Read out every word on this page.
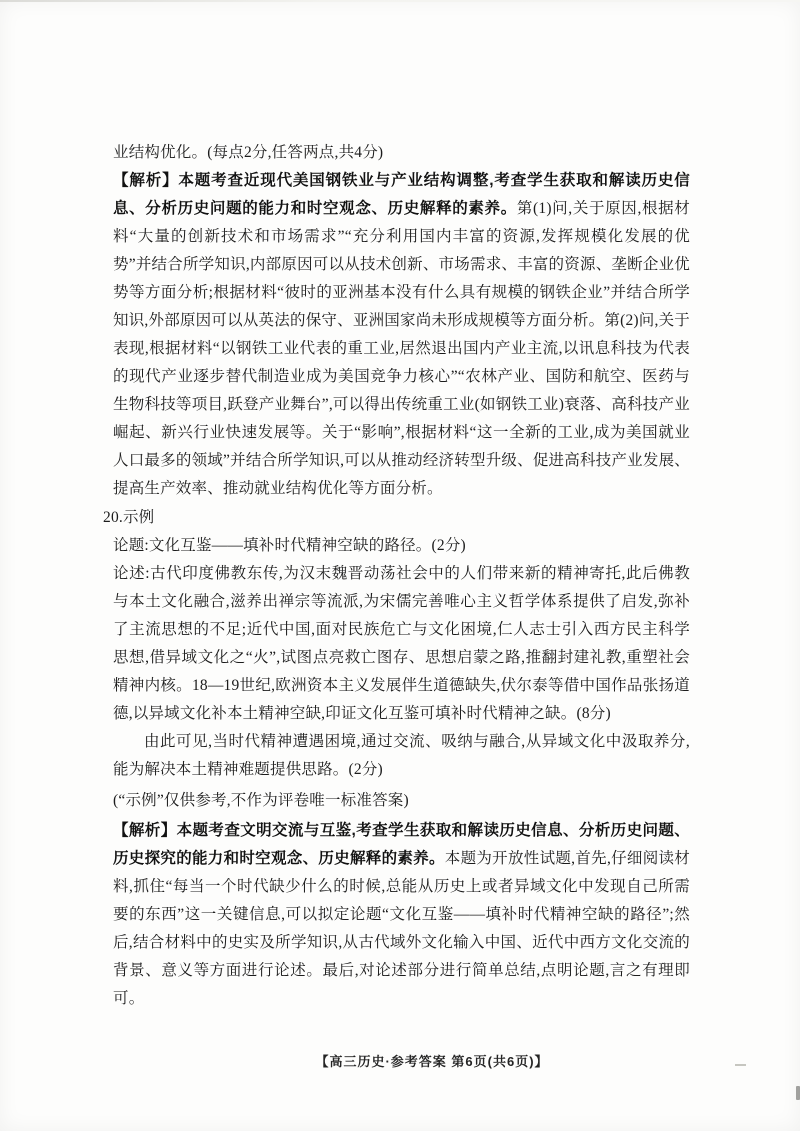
业结构优化。(每点2分,任答两点,共4分)

【解析】本题考查近现代美国钢铁业与产业结构调整,考查学生获取和解读历史信息、分析历史问题的能力和时空观念、历史解释的素养。第(1)问,关于原因,根据材料“大量的创新技术和市场需求”“充分利用国内丰富的资源,发挥规模化发展的优势”并结合所学知识,内部原因可以从技术创新、市场需求、丰富的资源、垄断企业优势等方面分析;根据材料“彼时的亚洲基本没有什么具有规模的钢铁企业”并结合所学知识,外部原因可以从英法的保守、亚洲国家尚未形成规模等方面分析。第(2)问,关于表现,根据材料“以钢铁工业代表的重工业,居然退出国内产业主流,以讯息科技为代表的现代产业逐步替代制造业成为美国竞争力核心”“农林产业、国防和航空、医药与生物科技等项目,跃登产业舞台”,可以得出传统重工业(如钢铁工业)衰落、高科技产业崛起、新兴行业快速发展等。关于“影响”,根据材料“这一全新的工业,成为美国就业人口最多的领域”并结合所学知识,可以从推动经济转型升级、促进高科技产业发展、提高生产效率、推动就业结构优化等方面分析。

20.示例

论题:文化互鉴——填补时代精神空缺的路径。(2分)

论述:古代印度佛教东传,为汉末魏晋动荡社会中的人们带来新的精神寄托,此后佛教与本土文化融合,滋养出禅宗等流派,为宋儒完善唯心主义哲学体系提供了启发,弥补了主流思想的不足;近代中国,面对民族危亡与文化困境,仁人志士引入西方民主科学思想,借异域文化之“火”,试图点亮救亡图存、思想启蒙之路,推翻封建礼教,重塑社会精神内核。18—19世纪,欧洲资本主义发展伴生道德缺失,伏尔泰等借中国作品张扬道德,以异域文化补本土精神空缺,印证文化互鉴可填补时代精神之缺。(8分)

由此可见,当时代精神遭遇困境,通过交流、吸纳与融合,从异域文化中汲取养分,能为解决本土精神难题提供思路。(2分)

(“示例”仅供参考,不作为评卷唯一标准答案)

【解析】本题考查文明交流与互鉴,考查学生获取和解读历史信息、分析历史问题、历史探究的能力和时空观念、历史解释的素养。本题为开放性试题,首先,仔细阅读材料,抓住“每当一个时代缺少什么的时候,总能从历史上或者异域文化中发现自己所需要的东西”这一关键信息,可以拟定论题“文化互鉴——填补时代精神空缺的路径”;然后,结合材料中的史实及所学知识,从古代域外文化输入中国、近代中西方文化交流的背景、意义等方面进行论述。最后,对论述部分进行简单总结,点明论题,言之有理即可。

【高三历史·参考答案 第6页(共6页)】
